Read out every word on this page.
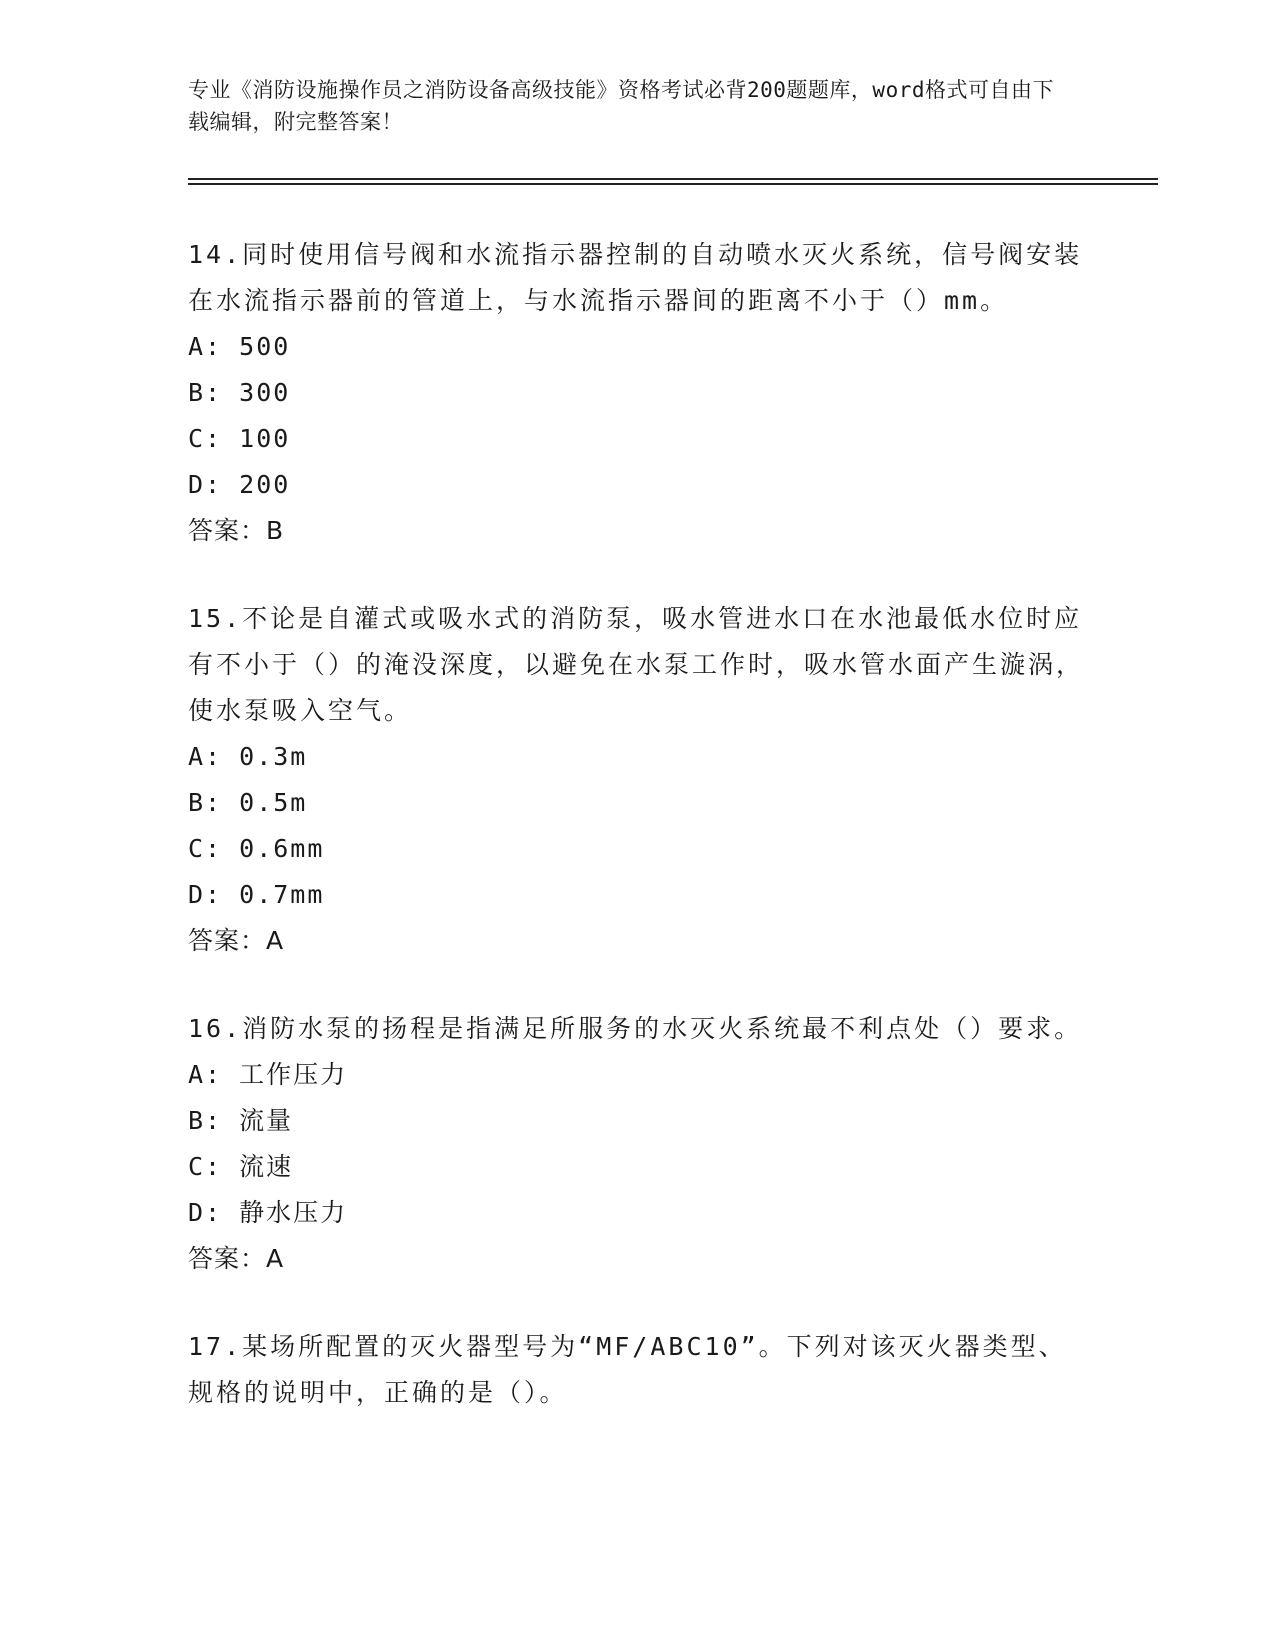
专业《消防设施操作员之消防设备高级技能》资格考试必背200题题库，word格式可自由下载编辑，附完整答案！

14.同时使用信号阀和水流指示器控制的自动喷水灭火系统，信号阀安装在水流指示器前的管道上，与水流指示器间的距离不小于（）mm。

A: 500
B: 300
C: 100
D: 200
答案：B

15.不论是自灌式或吸水式的消防泵，吸水管进水口在水池最低水位时应有不小于（）的淹没深度，以避免在水泵工作时，吸水管水面产生漩涡，使水泵吸入空气。

A: 0.3m
B: 0.5m
C: 0.6mm
D: 0.7mm
答案：A

16.消防水泵的扬程是指满足所服务的水灭火系统最不利点处（）要求。

A: 工作压力
B: 流量
C: 流速
D: 静水压力
答案：A

17.某场所配置的灭火器型号为“MF/ABC10”。下列对该灭火器类型、规格的说明中，正确的是（）。
